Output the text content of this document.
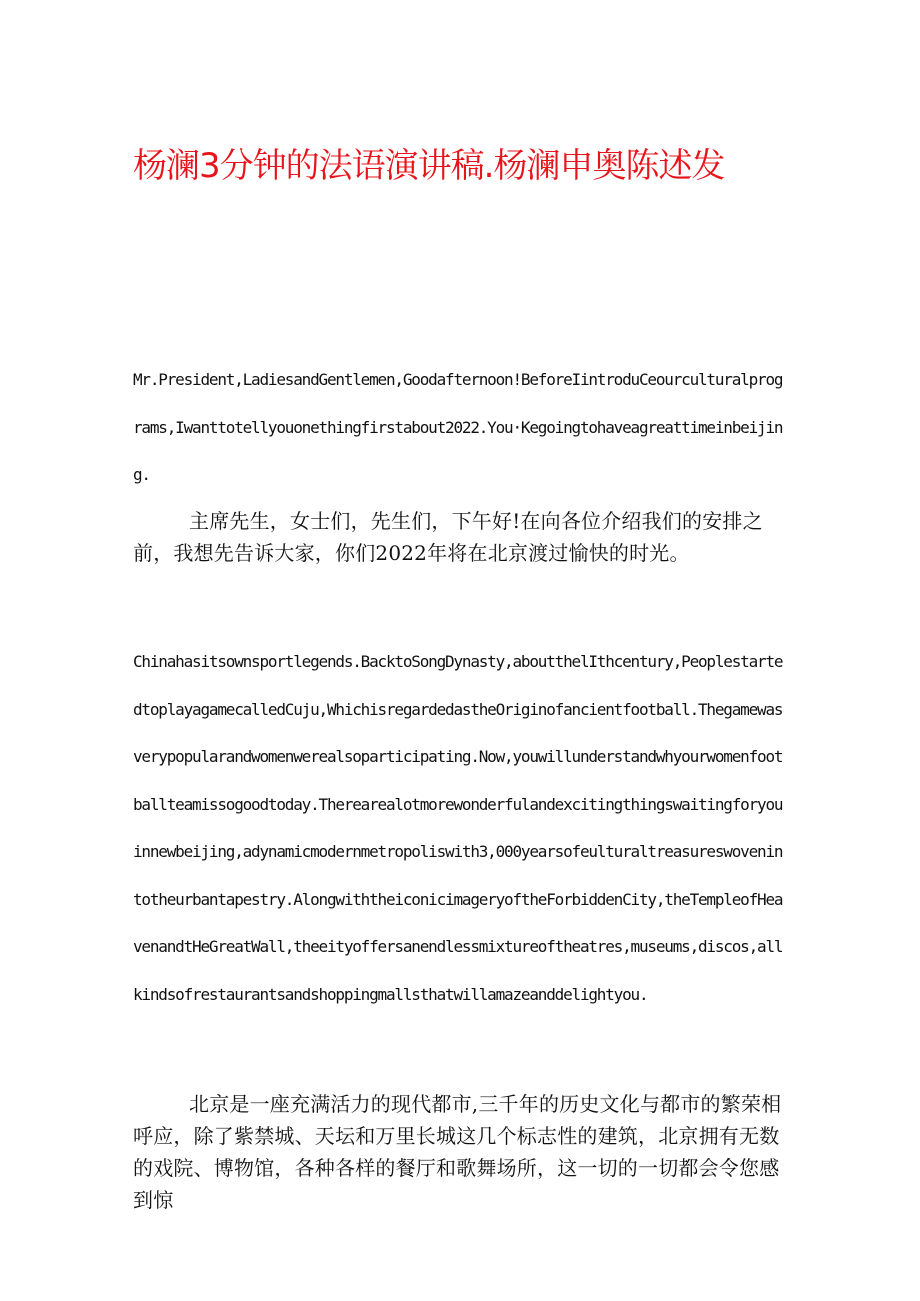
杨澜3分钟的法语演讲稿.杨澜申奥陈述发

Mr.President,LadiesandGentlemen,Goodafternoon!BeforeIintroduCeourculturalprograms,Iwanttotellyouonethingfirstabout2022.You·Kegoingtohaveagreattimeinbeijing.

主席先生，女士们，先生们，下午好!在向各位介绍我们的安排之前，我想先告诉大家，你们2022年将在北京渡过愉快的时光。

Chinahasitsownsportlegends.BacktoSongDynasty,aboutthelIthcentury,PeoplestartedtoplayagamecalledCuju,WhichisregardedastheOriginofancientfootball.Thegamewasverypopularandwomenwerealsoparticipating.Now,youwillunderstandwhyourwomenfootballteamissogoodtoday.Therearealotmorewonderfulandexcitingthingswaitingforyouinnewbeijing,adynamicmodernmetropoliswith3,000yearsofeulturaltreasureswovenintotheurbantapestry.AlongwiththeiconicimageryoftheForbiddenCity,theTempleofHeavenandtHeGreatWall,theeityoffersanendlessmixtureoftheatres,museums,discos,allkindsofrestaurantsandshoppingmallsthatwillamazeanddelightyou.

北京是一座充满活力的现代都市,三千年的历史文化与都市的繁荣相呼应，除了紫禁城、天坛和万里长城这几个标志性的建筑，北京拥有无数的戏院、博物馆，各种各样的餐厅和歌舞场所，这一切的一切都会令您感到惊
